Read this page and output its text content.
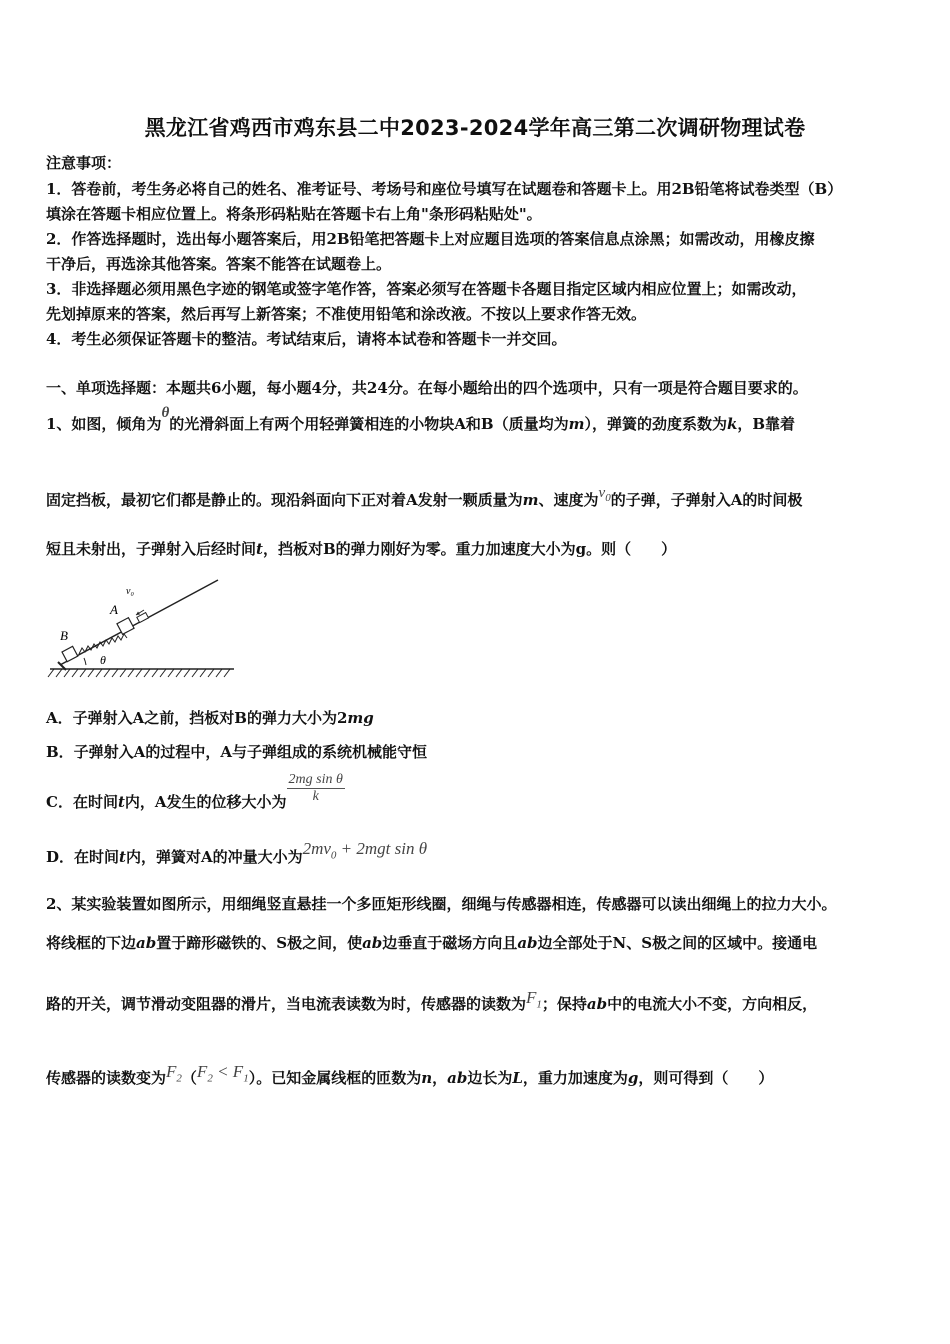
黑龙江省鸡西市鸡东县二中2023-2024学年高三第二次调研物理试卷
注意事项：
1．答卷前，考生务必将自己的姓名、准考证号、考场号和座位号填写在试题卷和答题卡上。用2B铅笔将试卷类型（B）
填涂在答题卡相应位置上。将条形码粘贴在答题卡右上角"条形码粘贴处"。
2．作答选择题时，选出每小题答案后，用2B铅笔把答题卡上对应题目选项的答案信息点涂黑；如需改动，用橡皮擦
干净后，再选涂其他答案。答案不能答在试题卷上。
3．非选择题必须用黑色字迹的钢笔或签字笔作答，答案必须写在答题卡各题目指定区域内相应位置上；如需改动，
先划掉原来的答案，然后再写上新答案；不准使用铅笔和涂改液。不按以上要求作答无效。
4．考生必须保证答题卡的整洁。考试结束后，请将本试卷和答题卡一并交回。
一、单项选择题：本题共6小题，每小题4分，共24分。在每小题给出的四个选项中，只有一项是符合题目要求的。
1、如图，倾角为θ的光滑斜面上有两个用轻弹簧相连的小物块A和B（质量均为m），弹簧的劲度系数为k，B靠着
固定挡板，最初它们都是静止的。现沿斜面向下正对着A发射一颗质量为m、速度为$v_0$的子弹，子弹射入A的时间极
短且未射出，子弹射入后经时间t，挡板对B的弹力刚好为零。重力加速度大小为g。则（　　）
v₀
A
B
θ
A．子弹射入A之前，挡板对B的弹力大小为2mg
B．子弹射入A的过程中，A与子弹组成的系统机械能守恒
C．在时间t内，A发生的位移大小为 $\frac{\text{2mg sin θ}}{k}$
D．在时间t内，弹簧对A的冲量大小为$2mv_0 + 2mgt$ sin θ
2、某实验装置如图所示，用细绳竖直悬挂一个多匝矩形线圈，细绳与传感器相连，传感器可以读出细绳上的拉力大小。
将线框的下边ab置于蹄形磁铁的、S极之间，使ab边垂直于磁场方向且ab边全部处于N、S极之间的区域中。接通电
路的开关，调节滑动变阻器的滑片，当电流表读数为时，传感器的读数为$F_1$；保持ab中的电流大小不变，方向相反，
传感器的读数变为$F_2(F_2 < F_1)$。已知金属线框的匝数为n，ab边长为L，重力加速度为g，则可得到（　　）
